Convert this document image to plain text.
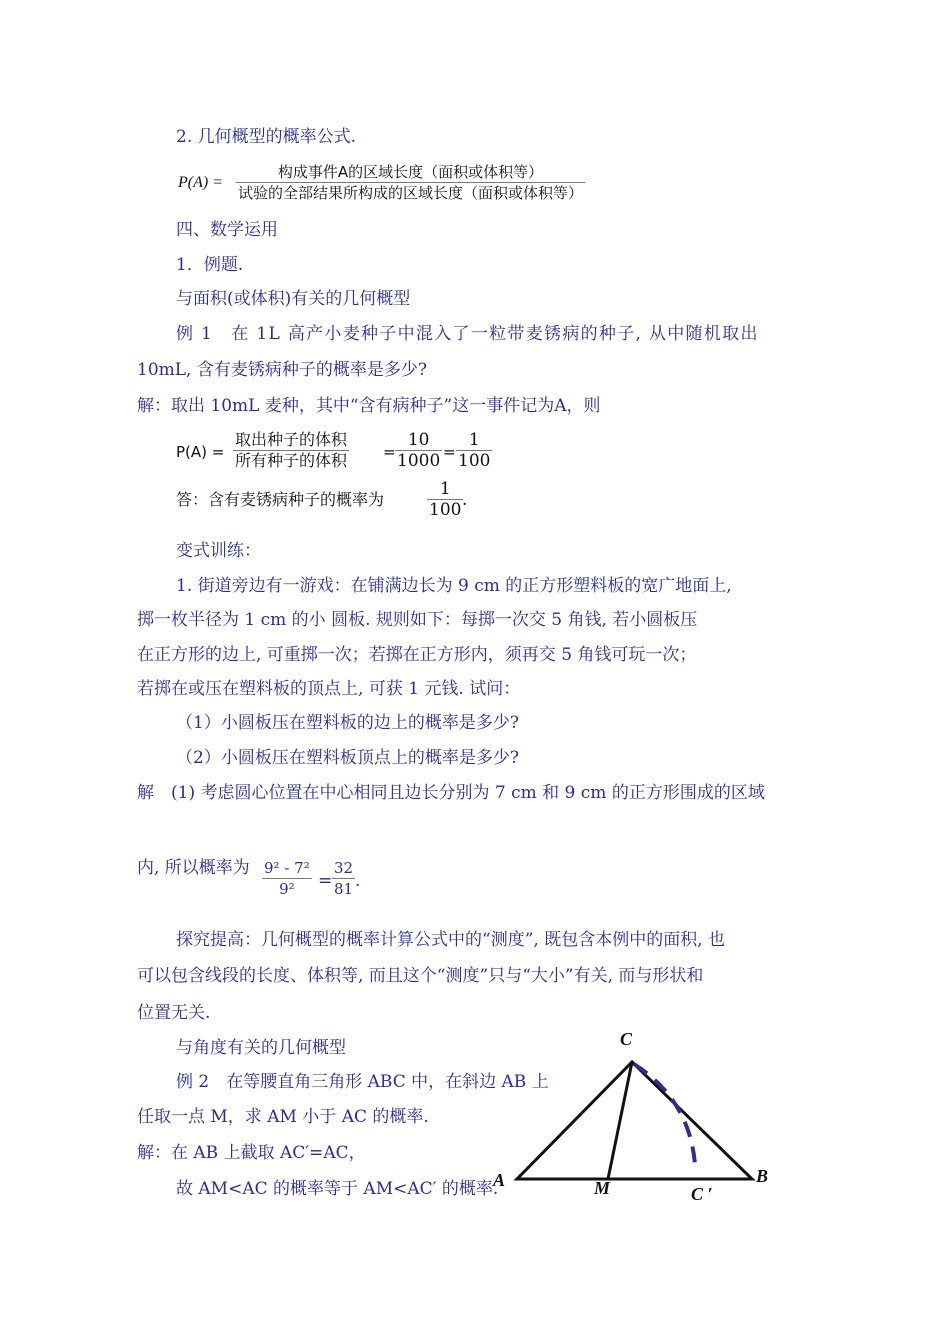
2. 几何概型的概率公式.
P(A) =
构成事件A的区域长度（面积或体积等）
试验的全部结果所构成的区域长度（面积或体积等）
四、数学运用
1．例题.
与面积(或体积)有关的几何概型
例 1　在 1L 高产小麦种子中混入了一粒带麦锈病的种子, 从中随机取出
10mL, 含有麦锈病种子的概率是多少?
解：取出 10mL 麦种，其中“含有病种子”这一事件记为A，则
P(A) =
取出种子的体积
所有种子的体积 = $\frac{10}{1000} = \frac{1}{100}$
答：含有麦锈病种子的概率为	$\frac{1}{100}$
.
变式训练：
1. 街道旁边有一游戏：在铺满边长为 9 cm 的正方形塑料板的宽广地面上,
掷一枚半径为 1 cm 的小 圆板. 规则如下：每掷一次交 5 角钱, 若小圆板压
在正方形的边上, 可重掷一次；若掷在正方形内，须再交 5 角钱可玩一次；
若掷在或压在塑料板的顶点上, 可获 1 元钱. 试问：
（1）小圆板压在塑料板的边上的概率是多少?
（2）小圆板压在塑料板顶点上的概率是多少?
解　(1) 考虑圆心位置在中心相同且边长分别为 7 cm 和 9 cm 的正方形围成的区域
内, 所以概率为 $\frac{\text{9² - 7²}}{\text{9²}} = \frac{32}{81}$ .
探究提高：几何概型的概率计算公式中的“测度”, 既包含本例中的面积, 也
可以包含线段的长度、体积等, 而且这个“测度”只与“大小”有关, 而与形状和
位置无关.
与角度有关的几何概型
例 2　在等腰直角三角形 ABC 中，在斜边 AB 上
任取一点 M，求 AM 小于 AC 的概率.
解：在 AB 上截取 AC′=AC，
故 AM<AC 的概率等于 AM<AC′ 的概率.
C
A	M
B
C ′
